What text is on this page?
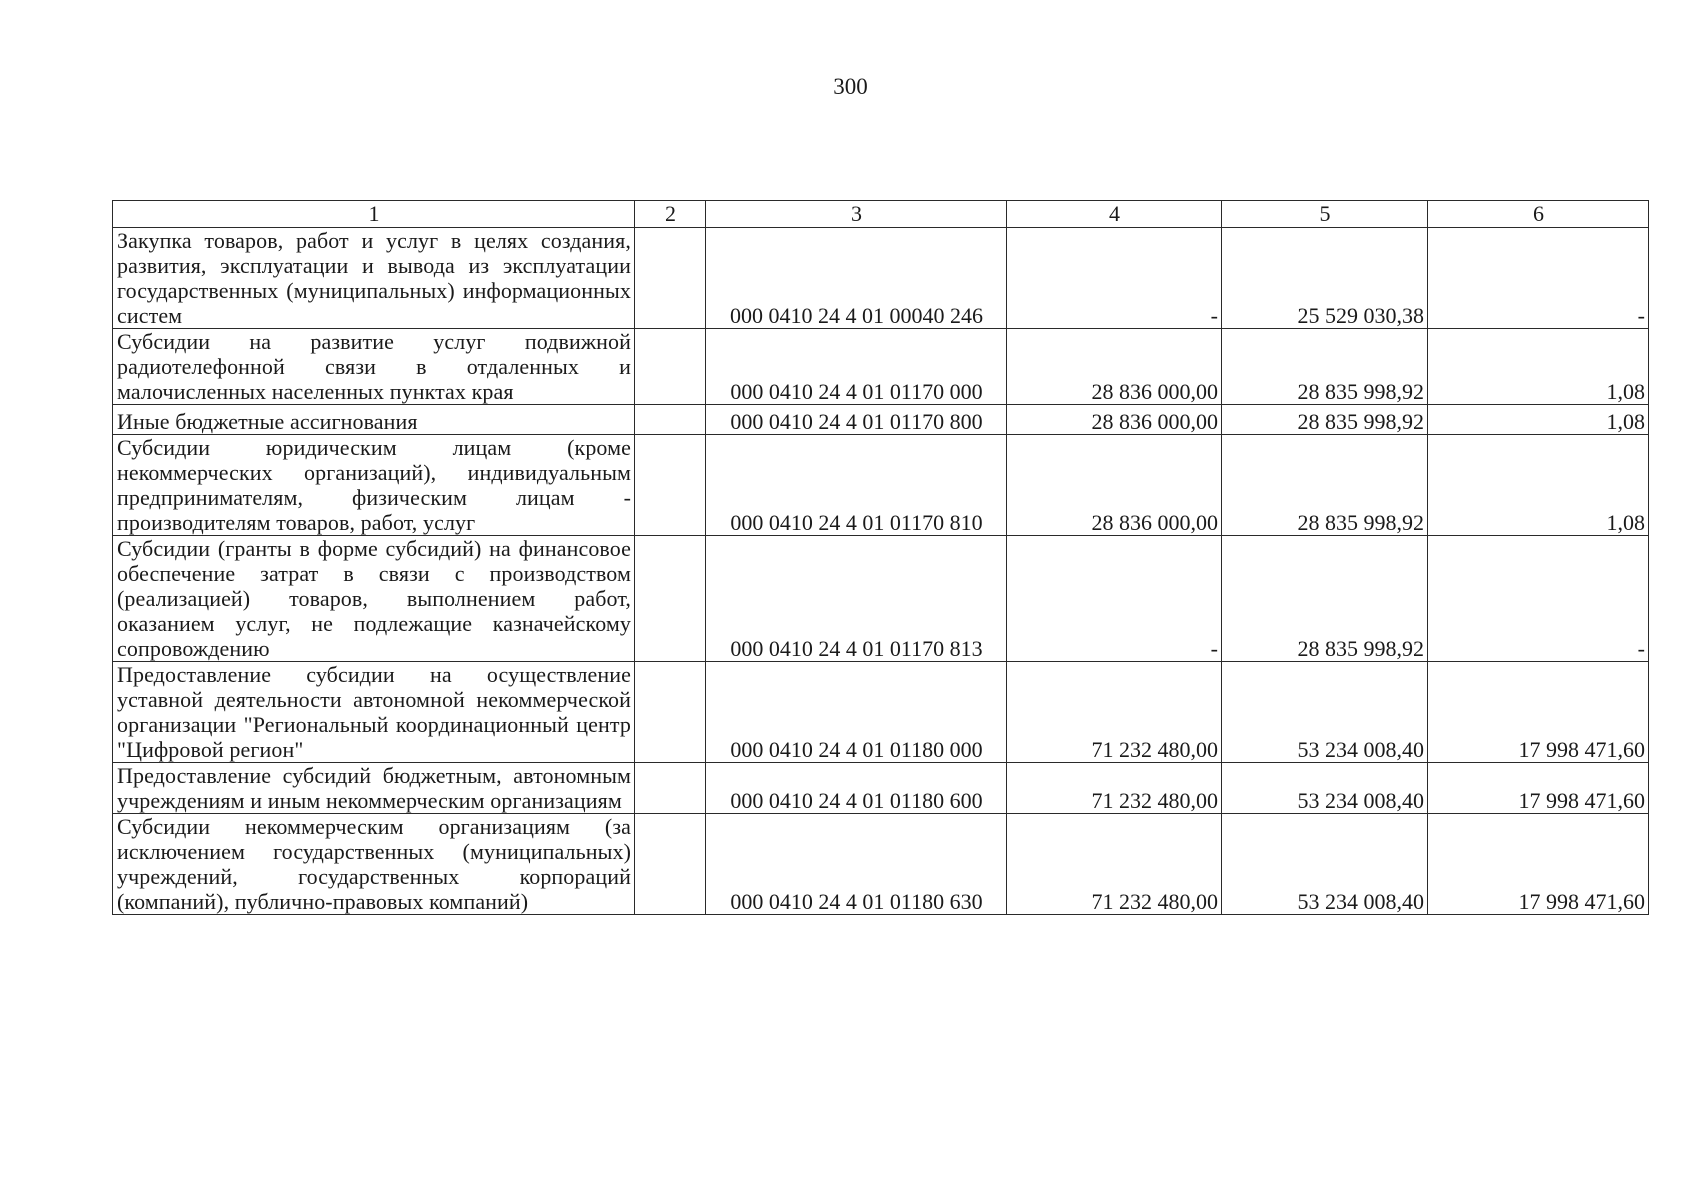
300
1	2	3	4	5	6
Закупка товаров, работ и услуг в целях создания, развития, эксплуатации и вывода из эксплуатации государственных (муниципальных) информационных систем		000 0410 24 4 01 00040 246	-	25 529 030,38	-
Субсидии на развитие услуг подвижной радиотелефонной связи в отдаленных и малочисленных населенных пунктах края		000 0410 24 4 01 01170 000	28 836 000,00	28 835 998,92	1,08
Иные бюджетные ассигнования		000 0410 24 4 01 01170 800	28 836 000,00	28 835 998,92	1,08
Субсидии юридическим лицам (кроме некоммерческих организаций), индивидуальным предпринимателям, физическим лицам - производителям товаров, работ, услуг		000 0410 24 4 01 01170 810	28 836 000,00	28 835 998,92	1,08
Субсидии (гранты в форме субсидий) на финансовое обеспечение затрат в связи с производством (реализацией) товаров, выполнением работ, оказанием услуг, не подлежащие казначейскому сопровождению		000 0410 24 4 01 01170 813	-	28 835 998,92	-
Предоставление субсидии на осуществление уставной деятельности автономной некоммерческой организации "Региональный координационный центр "Цифровой регион"		000 0410 24 4 01 01180 000	71 232 480,00	53 234 008,40	17 998 471,60
Предоставление субсидий бюджетным, автономным учреждениям и иным некоммерческим организациям		000 0410 24 4 01 01180 600	71 232 480,00	53 234 008,40	17 998 471,60
Субсидии некоммерческим организациям (за исключением государственных (муниципальных) учреждений, государственных корпораций (компаний), публично-правовых компаний)		000 0410 24 4 01 01180 630	71 232 480,00	53 234 008,40	17 998 471,60
